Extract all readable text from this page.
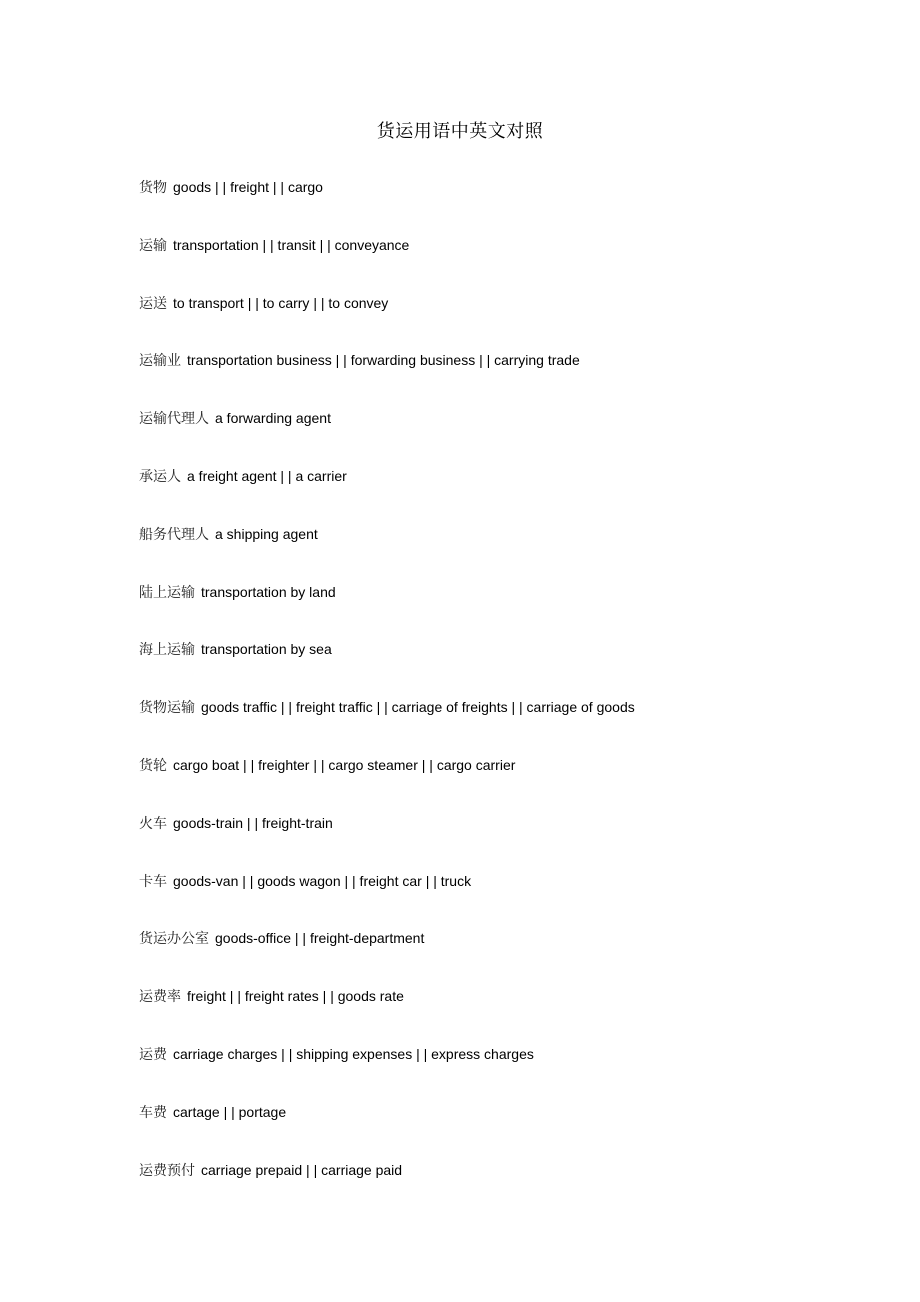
货运用语中英文对照
货物 goods | | freight | | cargo
运输 transportation | | transit | | conveyance
运送 to transport | | to carry | | to convey
运输业 transportation business | | forwarding business | | carrying trade
运输代理人 a forwarding agent
承运人 a freight agent | | a carrier
船务代理人 a shipping agent
陆上运输 transportation by land
海上运输 transportation by sea
货物运输 goods traffic | | freight traffic | | carriage of freights | | carriage of goods
货轮 cargo boat | | freighter | | cargo steamer | | cargo carrier
火车 goods-train | | freight-train
卡车 goods-van | | goods wagon | | freight car | | truck
货运办公室 goods-office | | freight-department
运费率 freight | | freight rates | | goods rate
运费 carriage charges | | shipping expenses | | express charges
车费 cartage | | portage
运费预付 carriage prepaid | | carriage paid
